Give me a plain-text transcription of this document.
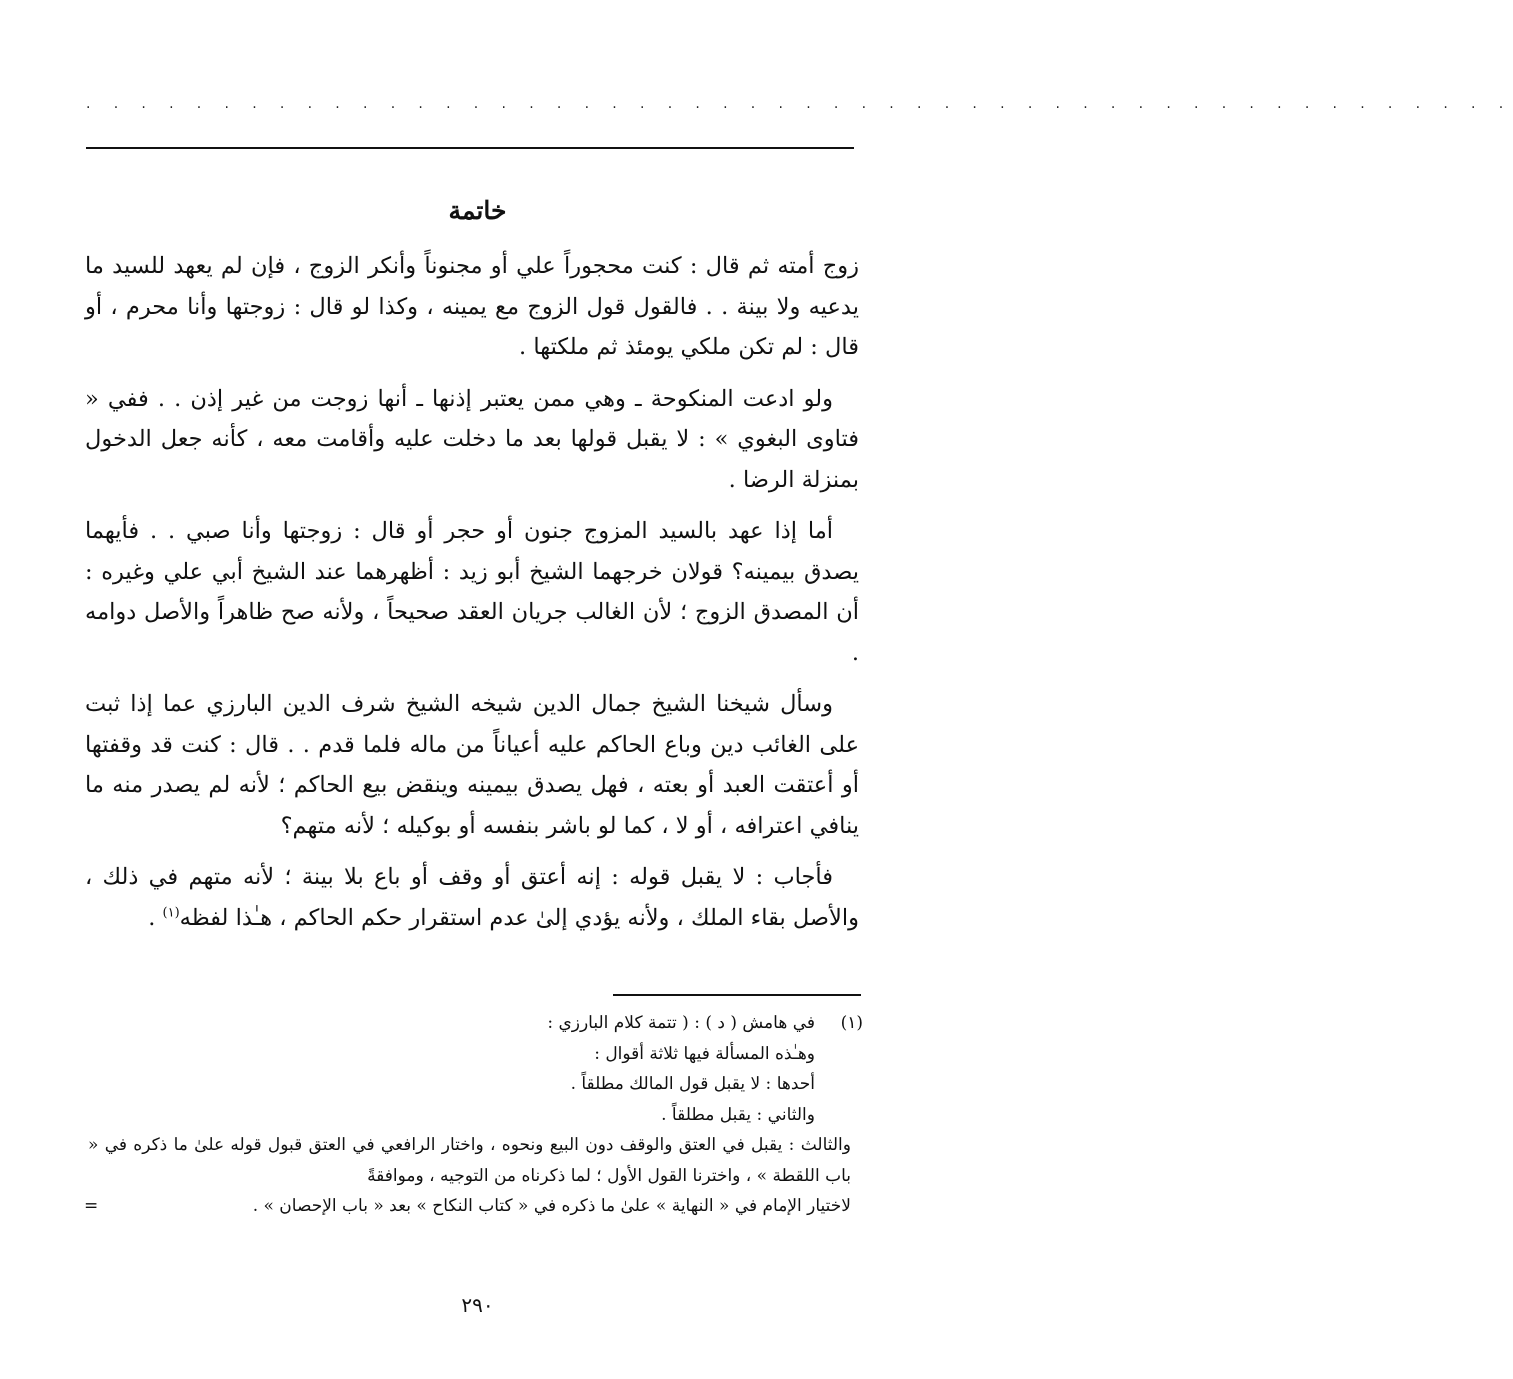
. . . . . . . . . . . . . . . . . . . . . . . . . . . . . . . . . . . . . . . . . . . . . . . . . . . .
خاتمة

زوج أمته ثم قال : كنت محجوراً علي أو مجنوناً وأنكر الزوج ، فإن لم يعهد للسيد ما يدعيه ولا بينة . . فالقول قول الزوج مع يمينه ، وكذا لو قال : زوجتها وأنا محرم ، أو قال : لم تكن ملكي يومئذ ثم ملكتها .

ولو ادعت المنكوحة ـ وهي ممن يعتبر إذنها ـ أنها زوجت من غير إذن . . ففي « فتاوى البغوي » : لا يقبل قولها بعد ما دخلت عليه وأقامت معه ، كأنه جعل الدخول بمنزلة الرضا .

أما إذا عهد بالسيد المزوج جنون أو حجر أو قال : زوجتها وأنا صبي . . فأيهما يصدق بيمينه؟ قولان خرجهما الشيخ أبو زيد : أظهرهما عند الشيخ أبي علي وغيره : أن المصدق الزوج ؛ لأن الغالب جريان العقد صحيحاً ، ولأنه صح ظاهراً والأصل دوامه .

وسأل شيخنا الشيخ جمال الدين شيخه الشيخ شرف الدين البارزي عما إذا ثبت على الغائب دين وباع الحاكم عليه أعياناً من ماله فلما قدم . . قال : كنت قد وقفتها أو أعتقت العبد أو بعته ، فهل يصدق بيمينه وينقض بيع الحاكم ؛ لأنه لم يصدر منه ما ينافي اعترافه ، أو لا ، كما لو باشر بنفسه أو بوكيله ؛ لأنه متهم؟

فأجاب : لا يقبل قوله : إنه أعتق أو وقف أو باع بلا بينة ؛ لأنه متهم في ذلك ، والأصل بقاء الملك ، ولأنه يؤدي إلىٰ عدم استقرار حكم الحاكم ، هـٰذا لفظه$^{(١)}$ .

(١)في هامش ( د ) : ( تتمة كلام البارزي :
وهـٰذه المسألة فيها ثلاثة أقوال :
أحدها : لا يقبل قول المالك مطلقاً .
والثاني : يقبل مطلقاً .
والثالث : يقبل في العتق والوقف دون البيع ونحوه ، واختار الرافعي في العتق قبول قوله علىٰ ما ذكره في « باب اللقطة » ، واخترنا القول الأول ؛ لما ذكرناه من التوجيه ، وموافقةً
لاختيار الإمام في « النهاية » علىٰ ما ذكره في « كتاب النكاح » بعد « باب الإحصان » .
=
٢٩٠
